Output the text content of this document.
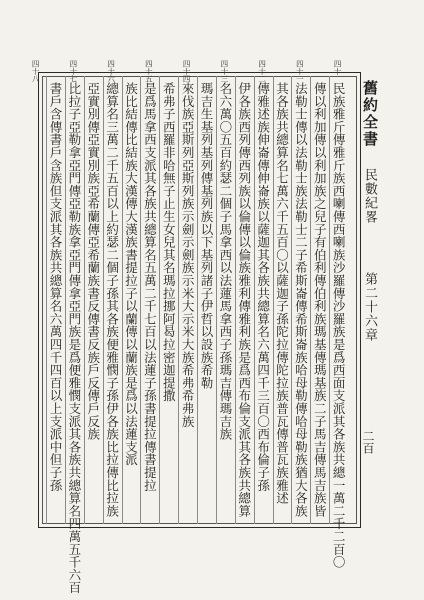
舊約全書
民數紀畧
第二十六章
二百
民族雅斤傳雅斤族西喇傳西喇族沙羅傳沙羅族是爲西面支派其各族共總一萬二千二百〇
傳以利加傳以利加族之兒子有伯利傳伯利族瑪基傳瑪基族二子馬吉傳馬吉族皆
法勒士傳以法勒士族法勒士二子希斯崙傳希斯崙族哈母勒傳哈母勒族猶大各族
其各族共總算名七萬六千五百〇以薩迦子孫陀拉傳陀拉族普瓦傳普瓦族雅述
傳雅述族伸崙傳伸崙族以薩迦其各族共總算名六萬四千三百〇西布倫子孫
伊各族西列傳西列族以倫傳以倫族雅利傳雅利族是爲西布倫支派其各族共總算
名六萬〇五百約瑟二個子馬拿西以法蓮馬拿西子孫瑪吉傳瑪吉族
瑪吉生基列基列傳基列族以下基列諸子伊哲以設族希勒
來伐族亞斯列亞斯列族示劍示劍族示米大示米大族希弗希弗族
希弗子西羅非哈無子止生女兒其名瑪拉挪阿曷拉密迦提撒
是爲馬拿西支派其各族共總算名五萬二千七百以法蓮子孫書提拉傳書提拉
族比結傳比結族大漢傳大漢族書提拉子以蘭傳以蘭族是爲以法蓮支派
總算名三萬二千五百以上約瑟二個子孫其各族便雅憫子孫伊各族比拉傳比拉族
亞實別傳亞實別族亞希蘭傳亞希蘭族書反傳書反族戶反傳戶反族
比拉子亞勒拿亞門傳亞勒族拿亞門傳拿亞門族是爲便雅憫支派其各族共總算名四萬五千六百
書戶含傳書戶含族但支派其各族共總算名六萬四千四百以上支派中但子孫
四十
四十一
四十二
四十三
四十四
四十五
四十六
四十七
四十八
